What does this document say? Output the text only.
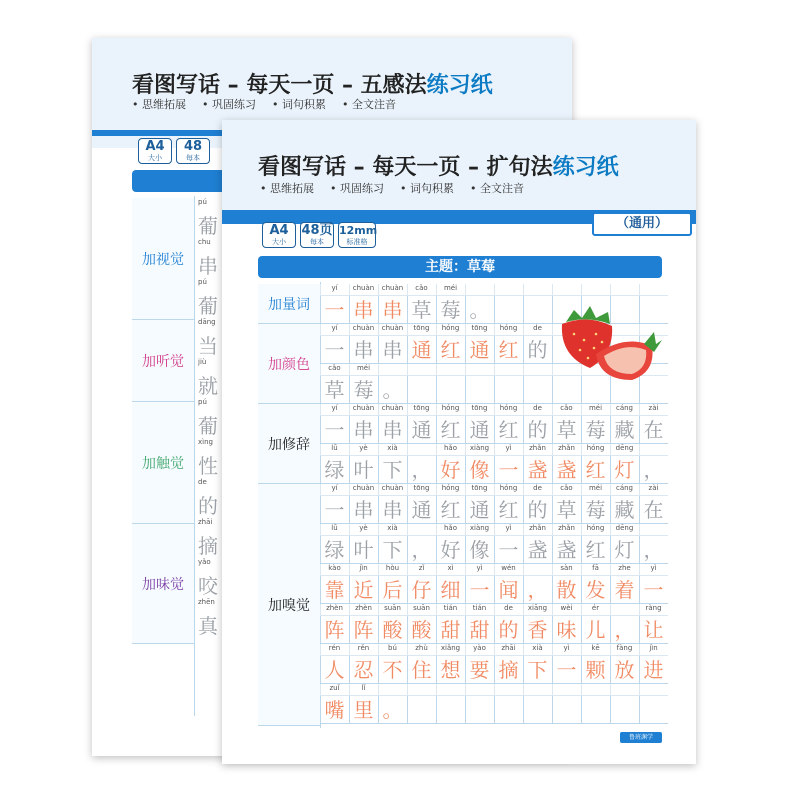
看图写话 – 每天一页 – 五感法练习纸
• 思维拓展 • 巩固练习 • 词句积累 • 全文注音
A4
大小
48
每本
加视觉
加听觉
加触觉
加味觉
pú
葡
chu
串
pú
葡
dāng
当
jiù
就
pú
葡
xìng
性
de
的
zhāi
摘
yǎo
咬
zhēn
真
看图写话 – 每天一页 – 扩句法练习纸
• 思维拓展 • 巩固练习 • 词句积累 • 全文注音
（通用）
A4
大小
48页
每本
12mm
标准格
主题：草莓
加量词
加颜色
加修辞
加嗅觉
yí
一
chuàn
串
chuàn
串
cǎo
草
méi
莓 。
yí
一
chuàn
串
chuàn
串
tōng
通
hóng
红
tōng
通
hóng
红
de
的
cǎo
草
méi
莓 。
yí
一
chuàn
串
chuàn
串
tōng
通
hóng
红
tōng
通
hóng
红
de
的
cǎo
草
méi
莓
cáng
藏
zài
在
lǜ
绿
yè
叶
xià
下 ，
hǎo
好
xiàng
像
yì
一
zhǎn
盏
zhǎn
盏
hóng
红
dēng
灯 ，
yí
一
chuàn
串
chuàn
串
tōng
通
hóng
红
tōng
通
hóng
红
de
的
cǎo
草
méi
莓
cáng
藏
zài
在
lǜ
绿
yè
叶
xià
下 ，
hǎo
好
xiàng
像
yì
一
zhǎn
盏
zhǎn
盏
hóng
红
dēng
灯 ，
kào
靠
jìn
近
hòu
后
zǐ
仔
xì
细
yì
一
wén
闻 ，
sàn
散
fā
发
zhe
着
yì
一
zhèn
阵
zhèn
阵
suān
酸
suān
酸
tián
甜
tián
甜
de
的
xiāng
香
wèi
味
ér
儿 ，
ràng
让
rén
人
rěn
忍
bú
不
zhù
住
xiǎng
想
yào
要
zhāi
摘
xià
下
yì
一
kē
颗
fàng
放
jìn
进
zuǐ
嘴
lǐ
里 。
鲁班渊学
